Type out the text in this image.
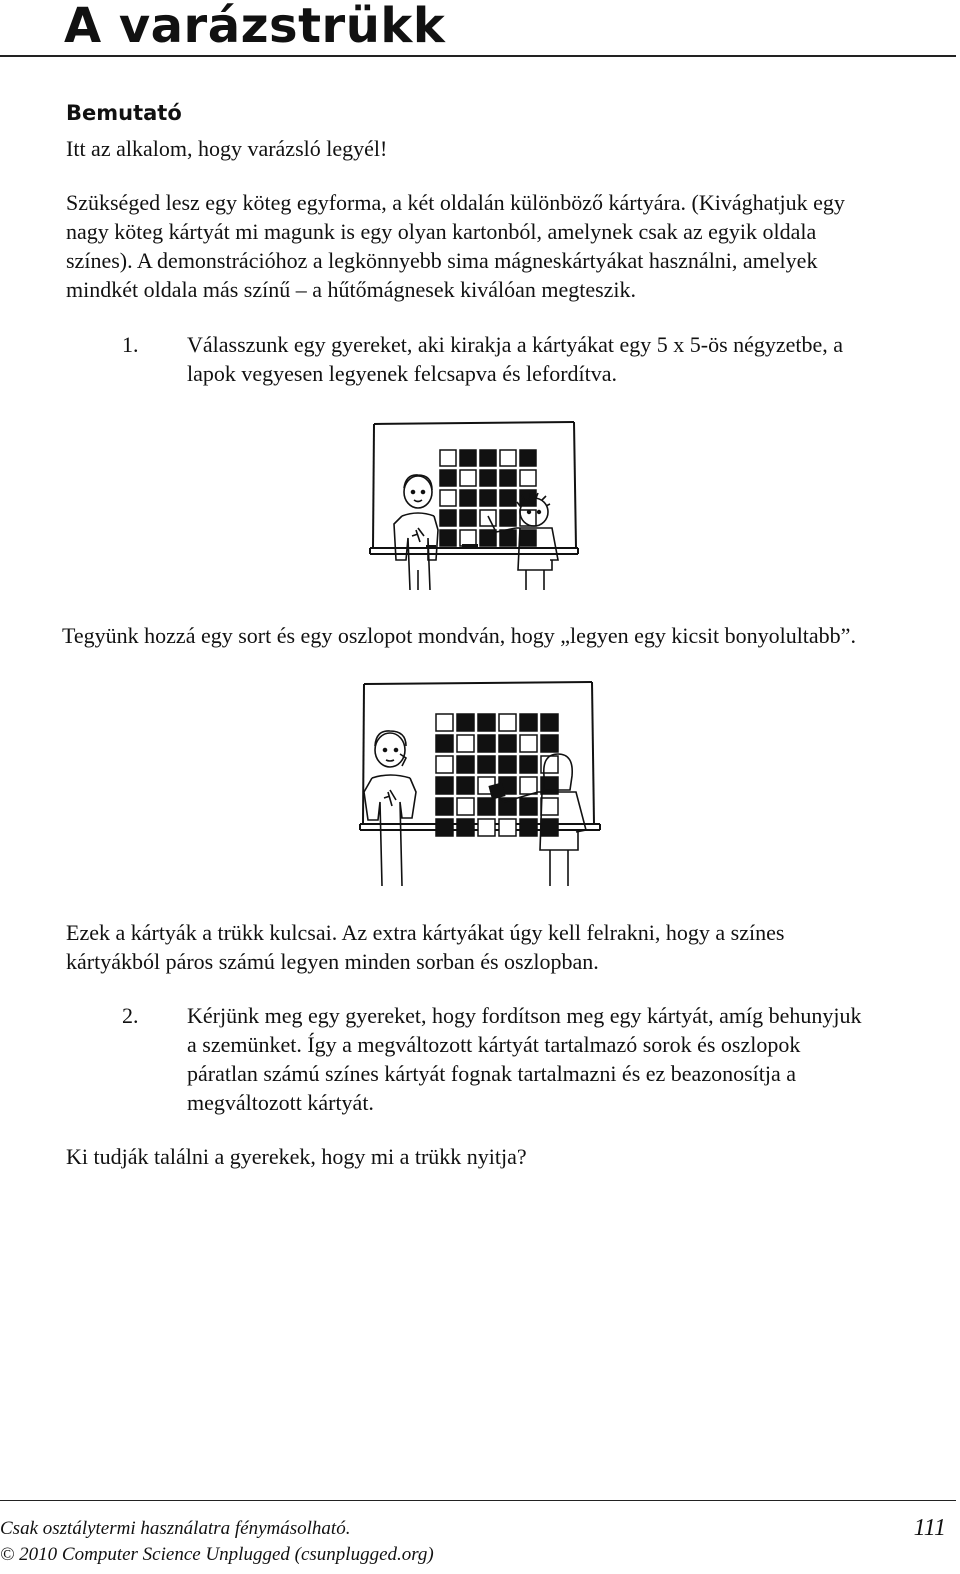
A varázstrükk
Bemutató

Itt az alkalom, hogy varázsló legyél!

Szükséged lesz egy köteg egyforma, a két oldalán különböző kártyára. (Kivághatjuk egy

nagy köteg kártyát mi magunk is egy olyan kartonból, amelynek csak az egyik oldala

színes). A demonstrációhoz a legkönnyebb sima mágneskártyákat használni, amelyek

mindkét oldala más színű – a hűtőmágnesek kiválóan megteszik.

1. Válasszunk egy gyereket, aki kirakja a kártyákat egy 5 x 5-ös négyzetbe, a

lapok vegyesen legyenek felcsapva és lefordítva.

Tegyünk hozzá egy sort és egy oszlopot mondván, hogy „legyen egy kicsit bonyolultabb”.

Ezek a kártyák a trükk kulcsai. Az extra kártyákat úgy kell felrakni, hogy a színes

kártyákból páros számú legyen minden sorban és oszlopban.

2. Kérjünk meg egy gyereket, hogy fordítson meg egy kártyát, amíg behunyjuk

a szemünket. Így a megváltozott kártyát tartalmazó sorok és oszlopok

páratlan számú színes kártyát fognak tartalmazni és ez beazonosítja a

megváltozott kártyát.

Ki tudják találni a gyerekek, hogy mi a trükk nyitja?

Csak osztálytermi használatra fénymásolható.

© 2010 Computer Science Unplugged (csunplugged.org)

111
